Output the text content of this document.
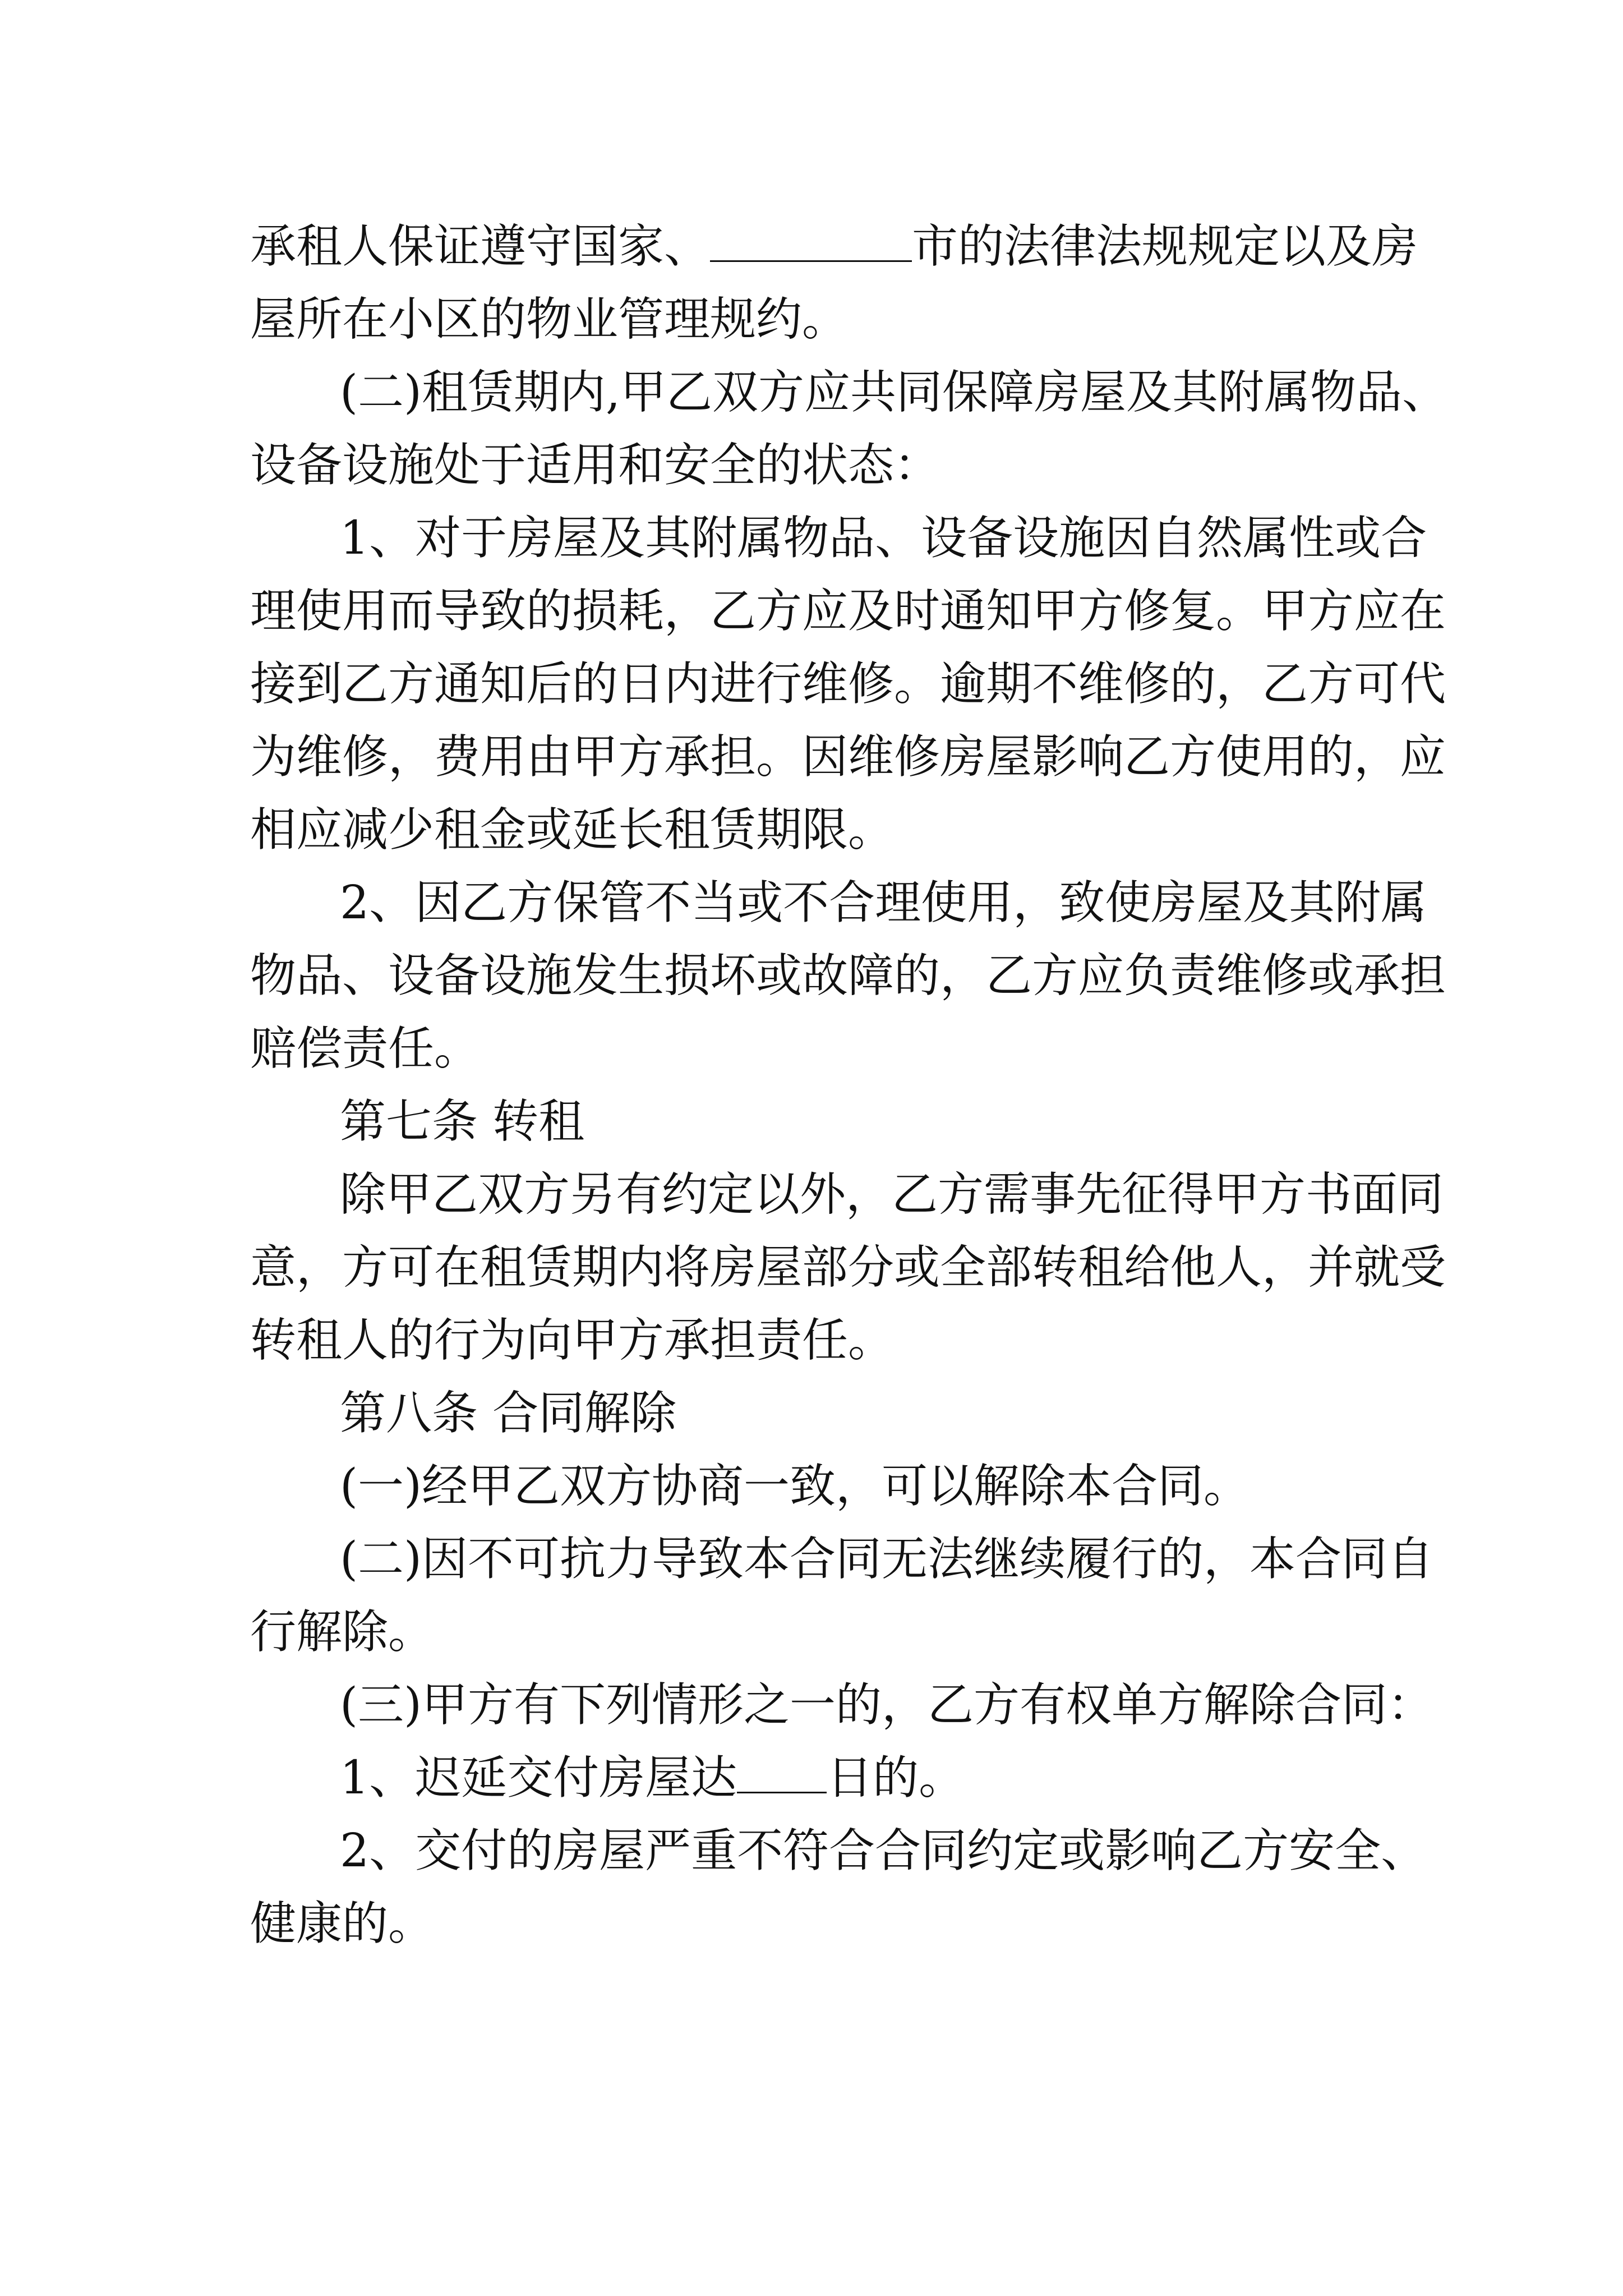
承租人保证遵守国家、	市的法律法规规定以及房
屋所在小区的物业管理规约。
(二)租赁期内,甲乙双方应共同保障房屋及其附属物品、
设备设施处于适用和安全的状态：
1、对于房屋及其附属物品、设备设施因自然属性或合
理使用而导致的损耗，乙方应及时通知甲方修复。甲方应在
接到乙方通知后的日内进行维修。逾期不维修的，乙方可代
为维修，费用由甲方承担。因维修房屋影响乙方使用的，应
相应减少租金或延长租赁期限。
2、因乙方保管不当或不合理使用，致使房屋及其附属
物品、设备设施发生损坏或故障的，乙方应负责维修或承担
赔偿责任。
第七条 转租
除甲乙双方另有约定以外，乙方需事先征得甲方书面同
意，方可在租赁期内将房屋部分或全部转租给他人，并就受
转租人的行为向甲方承担责任。
第八条 合同解除
(一)经甲乙双方协商一致，可以解除本合同。
(二)因不可抗力导致本合同无法继续履行的，本合同自
行解除。
(三)甲方有下列情形之一的，乙方有权单方解除合同：
1、迟延交付房屋达 日的。
2、交付的房屋严重不符合合同约定或影响乙方安全、
健康的。
